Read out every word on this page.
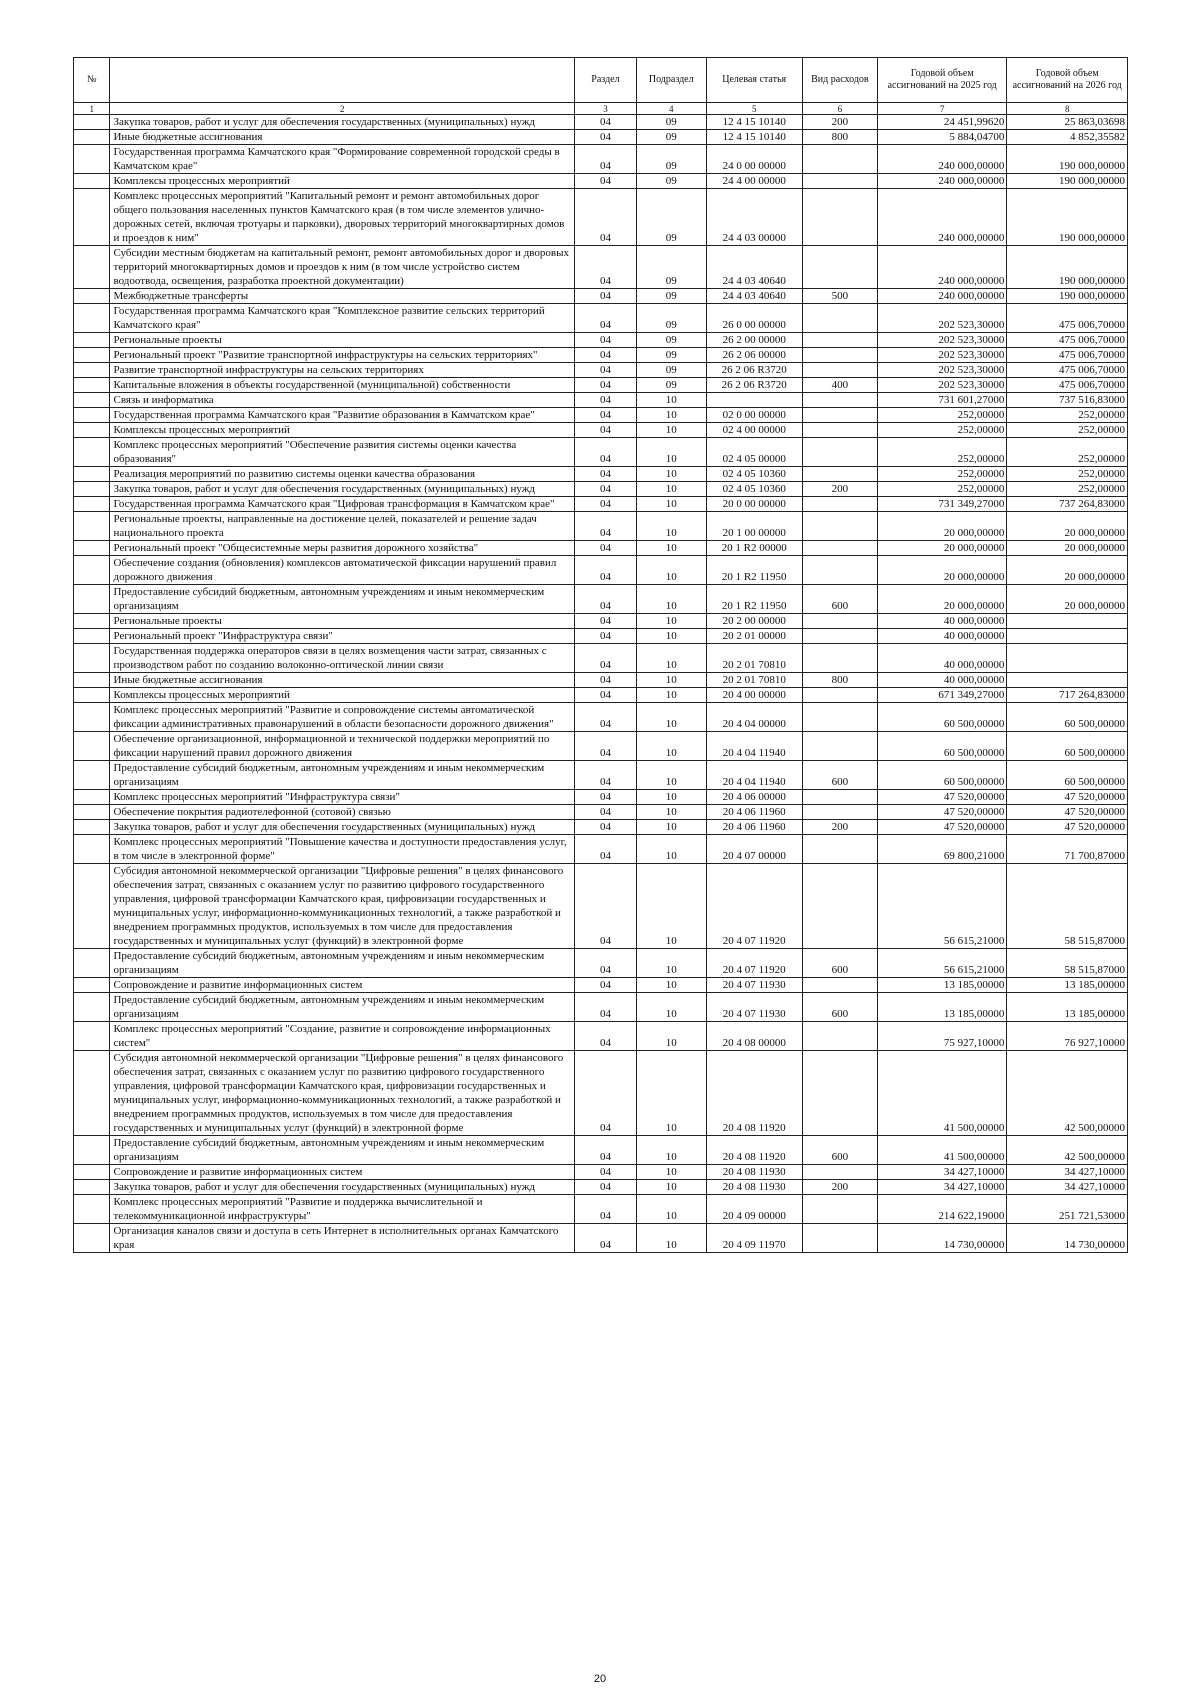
№		Раздел	Подраздел	Целевая статья	Вид расходов	Годовой объем ассигнований на 2025 год	Годовой объем ассигнований на 2026 год
1	2	3	4	5	6	7	8
	Закупка товаров, работ и услуг для обеспечения государственных (муниципальных) нужд	04	09	12 4 15 10140	200	24 451,99620	25 863,03698
	Иные бюджетные ассигнования	04	09	12 4 15 10140	800	5 884,04700	4 852,35582
	Государственная программа Камчатского края "Формирование современной городской среды в Камчатском крае"	04	09	24 0 00 00000		240 000,00000	190 000,00000
	Комплексы процессных мероприятий	04	09	24 4 00 00000		240 000,00000	190 000,00000
	Комплекс процессных мероприятий "Капитальный ремонт и ремонт автомобильных дорог общего пользования населенных пунктов Камчатского края (в том числе элементов улично-дорожных сетей, включая тротуары и парковки), дворовых территорий многоквартирных домов и проездов к ним"	04	09	24 4 03 00000		240 000,00000	190 000,00000
	Субсидии местным бюджетам на капитальный ремонт, ремонт автомобильных дорог и дворовых территорий многоквартирных домов и проездов к ним (в том числе устройство систем водоотвода, освещения, разработка проектной документации)	04	09	24 4 03 40640		240 000,00000	190 000,00000
	Межбюджетные трансферты	04	09	24 4 03 40640	500	240 000,00000	190 000,00000
	Государственная программа Камчатского края "Комплексное развитие сельских территорий Камчатского края"	04	09	26 0 00 00000		202 523,30000	475 006,70000
	Региональные проекты	04	09	26 2 00 00000		202 523,30000	475 006,70000
	Региональный проект "Развитие транспортной инфраструктуры на сельских территориях"	04	09	26 2 06 00000		202 523,30000	475 006,70000
	Развитие транспортной инфраструктуры на сельских территориях	04	09	26 2 06 R3720		202 523,30000	475 006,70000
	Капитальные вложения в объекты государственной (муниципальной) собственности	04	09	26 2 06 R3720	400	202 523,30000	475 006,70000
	Связь и информатика	04	10			731 601,27000	737 516,83000
	Государственная программа Камчатского края "Развитие образования в Камчатском крае"	04	10	02 0 00 00000		252,00000	252,00000
	Комплексы процессных мероприятий	04	10	02 4 00 00000		252,00000	252,00000
	Комплекс процессных мероприятий "Обеспечение развития системы оценки качества образования"	04	10	02 4 05 00000		252,00000	252,00000
	Реализация мероприятий по развитию системы оценки качества образования	04	10	02 4 05 10360		252,00000	252,00000
	Закупка товаров, работ и услуг для обеспечения государственных (муниципальных) нужд	04	10	02 4 05 10360	200	252,00000	252,00000
	Государственная программа Камчатского края "Цифровая трансформация в Камчатском крае"	04	10	20 0 00 00000		731 349,27000	737 264,83000
	Региональные проекты, направленные на достижение целей, показателей и решение задач национального проекта	04	10	20 1 00 00000		20 000,00000	20 000,00000
	Региональный проект "Общесистемные меры развития дорожного хозяйства"	04	10	20 1 R2 00000		20 000,00000	20 000,00000
	Обеспечение создания (обновления) комплексов автоматической фиксации нарушений правил дорожного движения	04	10	20 1 R2 11950		20 000,00000	20 000,00000
	Предоставление субсидий бюджетным, автономным учреждениям и иным некоммерческим организациям	04	10	20 1 R2 11950	600	20 000,00000	20 000,00000
	Региональные проекты	04	10	20 2 00 00000		40 000,00000	
	Региональный проект "Инфраструктура связи"	04	10	20 2 01 00000		40 000,00000	
	Государственная поддержка операторов связи в целях возмещения части затрат, связанных с производством работ по созданию волоконно-оптической линии связи	04	10	20 2 01 70810		40 000,00000	
	Иные бюджетные ассигнования	04	10	20 2 01 70810	800	40 000,00000	
	Комплексы процессных мероприятий	04	10	20 4 00 00000		671 349,27000	717 264,83000
	Комплекс процессных мероприятий "Развитие и сопровождение системы автоматической фиксации административных правонарушений в области безопасности дорожного движения"	04	10	20 4 04 00000		60 500,00000	60 500,00000
	Обеспечение организационной, информационной и технической поддержки мероприятий по фиксации нарушений правил дорожного движения	04	10	20 4 04 11940		60 500,00000	60 500,00000
	Предоставление субсидий бюджетным, автономным учреждениям и иным некоммерческим организациям	04	10	20 4 04 11940	600	60 500,00000	60 500,00000
	Комплекс процессных мероприятий "Инфраструктура связи"	04	10	20 4 06 00000		47 520,00000	47 520,00000
	Обеспечение покрытия радиотелефонной (сотовой) связью	04	10	20 4 06 11960		47 520,00000	47 520,00000
	Закупка товаров, работ и услуг для обеспечения государственных (муниципальных) нужд	04	10	20 4 06 11960	200	47 520,00000	47 520,00000
	Комплекс процессных мероприятий "Повышение качества и доступности предоставления услуг, в том числе в электронной форме"	04	10	20 4 07 00000		69 800,21000	71 700,87000
	Субсидия автономной некоммерческой организации "Цифровые решения" в целях финансового обеспечения затрат, связанных с оказанием услуг по развитию цифрового государственного управления, цифровой трансформации Камчатского края, цифровизации государственных и муниципальных услуг, информационно-коммуникационных технологий, а также разработкой и внедрением программных продуктов, используемых в том числе для предоставления государственных и муниципальных услуг (функций) в электронной форме	04	10	20 4 07 11920		56 615,21000	58 515,87000
	Предоставление субсидий бюджетным, автономным учреждениям и иным некоммерческим организациям	04	10	20 4 07 11920	600	56 615,21000	58 515,87000
	Сопровождение и развитие информационных систем	04	10	20 4 07 11930		13 185,00000	13 185,00000
	Предоставление субсидий бюджетным, автономным учреждениям и иным некоммерческим организациям	04	10	20 4 07 11930	600	13 185,00000	13 185,00000
	Комплекс процессных мероприятий "Создание, развитие и сопровождение информационных систем"	04	10	20 4 08 00000		75 927,10000	76 927,10000
	Субсидия автономной некоммерческой организации "Цифровые решения" в целях финансового обеспечения затрат, связанных с оказанием услуг по развитию цифрового государственного управления, цифровой трансформации Камчатского края, цифровизации государственных и муниципальных услуг, информационно-коммуникационных технологий, а также разработкой и внедрением программных продуктов, используемых в том числе для предоставления государственных и муниципальных услуг (функций) в электронной форме	04	10	20 4 08 11920		41 500,00000	42 500,00000
	Предоставление субсидий бюджетным, автономным учреждениям и иным некоммерческим организациям	04	10	20 4 08 11920	600	41 500,00000	42 500,00000
	Сопровождение и развитие информационных систем	04	10	20 4 08 11930		34 427,10000	34 427,10000
	Закупка товаров, работ и услуг для обеспечения государственных (муниципальных) нужд	04	10	20 4 08 11930	200	34 427,10000	34 427,10000
	Комплекс процессных мероприятий "Развитие и поддержка вычислительной и телекоммуникационной инфраструктуры"	04	10	20 4 09 00000		214 622,19000	251 721,53000
	Организация каналов связи и доступа в сеть Интернет в исполнительных органах Камчатского края	04	10	20 4 09 11970		14 730,00000	14 730,00000
20
